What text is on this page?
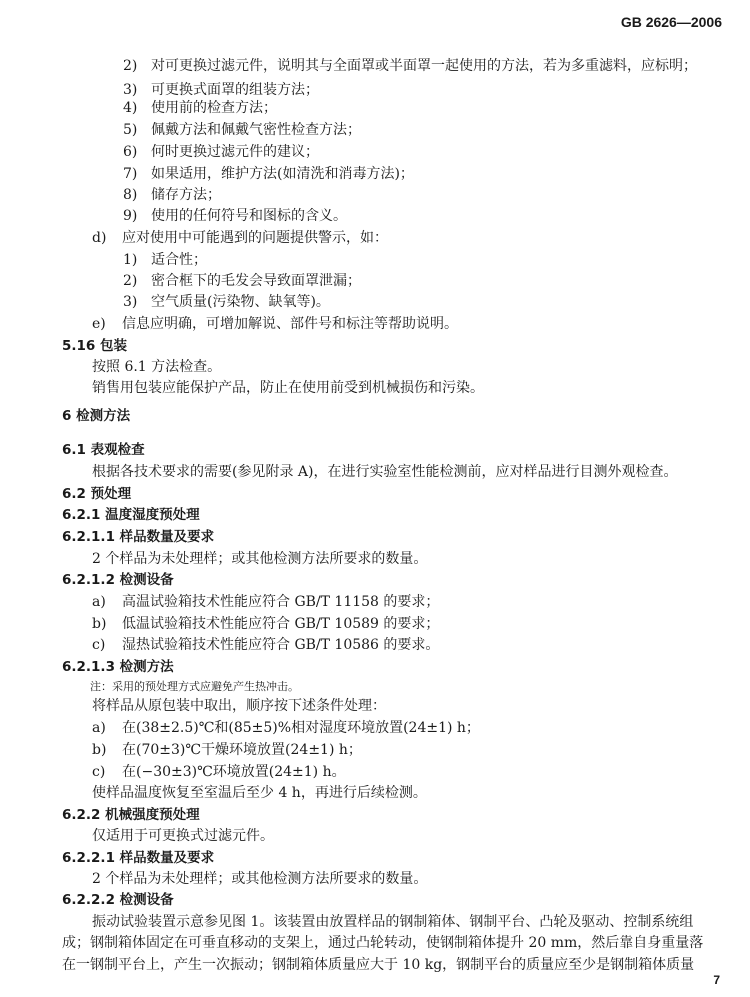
GB 2626—2006
2) 对可更换过滤元件，说明其与全面罩或半面罩一起使用的方法，若为多重滤料，应标明；
3) 可更换式面罩的组装方法；
4) 使用前的检查方法；
5) 佩戴方法和佩戴气密性检查方法；
6) 何时更换过滤元件的建议；
7) 如果适用，维护方法(如清洗和消毒方法)；
8) 储存方法；
9) 使用的任何符号和图标的含义。
d)	应对使用中可能遇到的问题提供警示，如：
1) 适合性；
2) 密合框下的毛发会导致面罩泄漏；
3) 空气质量(污染物、缺氧等)。
e)	信息应明确，可增加解说、部件号和标注等帮助说明。
5.16 包装
按照 6.1 方法检查。
销售用包装应能保护产品，防止在使用前受到机械损伤和污染。
6 检测方法
6.1 表观检查
根据各技术要求的需要(参见附录 A)，在进行实验室性能检测前，应对样品进行目测外观检查。
6.2 预处理
6.2.1 温度湿度预处理
6.2.1.1 样品数量及要求
2 个样品为未处理样；或其他检测方法所要求的数量。
6.2.1.2 检测设备
a)	高温试验箱技术性能应符合 GB/T 11158 的要求；
b)	低温试验箱技术性能应符合 GB/T 10589 的要求；
c)	湿热试验箱技术性能应符合 GB/T 10586 的要求。
6.2.1.3 检测方法
注：采用的预处理方式应避免产生热冲击。
将样品从原包装中取出，顺序按下述条件处理：
a)	在(38±2.5)℃和(85±5)%相对湿度环境放置(24±1) h；
b)	在(70±3)℃干燥环境放置(24±1) h；
c)	在(−30±3)℃环境放置(24±1) h。
使样品温度恢复至室温后至少 4 h，再进行后续检测。
6.2.2 机械强度预处理
仅适用于可更换式过滤元件。
6.2.2.1 样品数量及要求
2 个样品为未处理样；或其他检测方法所要求的数量。
6.2.2.2 检测设备
振动试验装置示意参见图 1。该装置由放置样品的钢制箱体、钢制平台、凸轮及驱动、控制系统组
成；钢制箱体固定在可垂直移动的支架上，通过凸轮转动，使钢制箱体提升 20 mm，然后靠自身重量落
在一钢制平台上，产生一次振动；钢制箱体质量应大于 10 kg，钢制平台的质量应至少是钢制箱体质量
7
